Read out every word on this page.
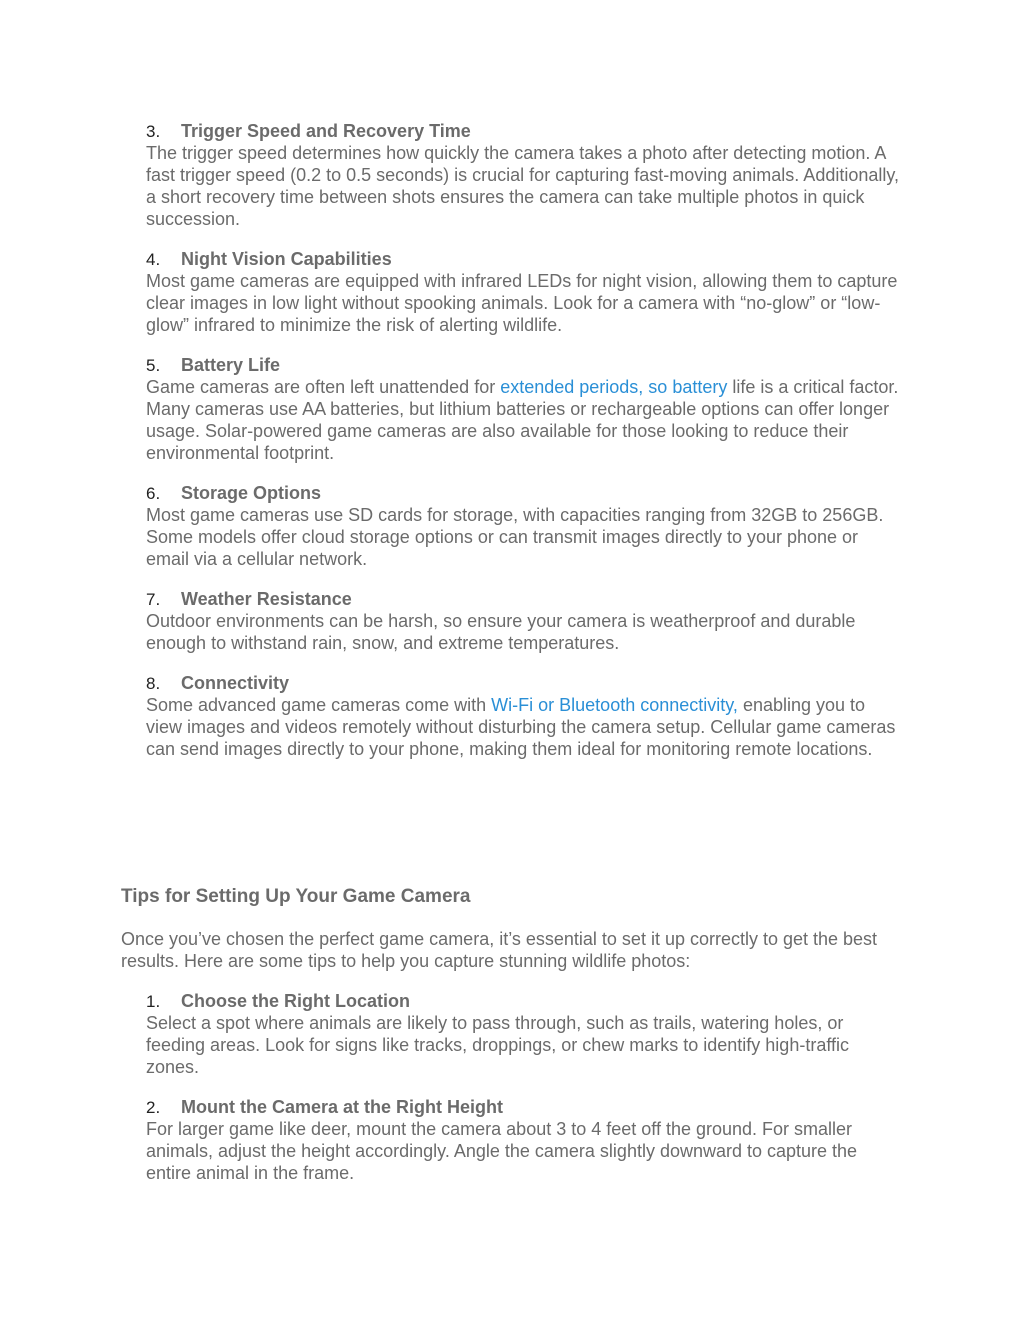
3. Trigger Speed and Recovery Time

The trigger speed determines how quickly the camera takes a photo after detecting motion. A fast trigger speed (0.2 to 0.5 seconds) is crucial for capturing fast-moving animals. Additionally, a short recovery time between shots ensures the camera can take multiple photos in quick succession.

4. Night Vision Capabilities

Most game cameras are equipped with infrared LEDs for night vision, allowing them to capture clear images in low light without spooking animals. Look for a camera with “no-glow” or “low-glow” infrared to minimize the risk of alerting wildlife.

5. Battery Life

Game cameras are often left unattended for extended periods, so battery life is a critical factor. Many cameras use AA batteries, but lithium batteries or rechargeable options can offer longer usage. Solar-powered game cameras are also available for those looking to reduce their environmental footprint.

6. Storage Options

Most game cameras use SD cards for storage, with capacities ranging from 32GB to 256GB. Some models offer cloud storage options or can transmit images directly to your phone or email via a cellular network.

7. Weather Resistance

Outdoor environments can be harsh, so ensure your camera is weatherproof and durable enough to withstand rain, snow, and extreme temperatures.

8. Connectivity

Some advanced game cameras come with Wi-Fi or Bluetooth connectivity, enabling you to view images and videos remotely without disturbing the camera setup. Cellular game cameras can send images directly to your phone, making them ideal for monitoring remote locations.

Tips for Setting Up Your Game Camera

Once you’ve chosen the perfect game camera, it’s essential to set it up correctly to get the best results. Here are some tips to help you capture stunning wildlife photos:

1. Choose the Right Location

Select a spot where animals are likely to pass through, such as trails, watering holes, or feeding areas. Look for signs like tracks, droppings, or chew marks to identify high-traffic zones.

2. Mount the Camera at the Right Height

For larger game like deer, mount the camera about 3 to 4 feet off the ground. For smaller animals, adjust the height accordingly. Angle the camera slightly downward to capture the entire animal in the frame.
